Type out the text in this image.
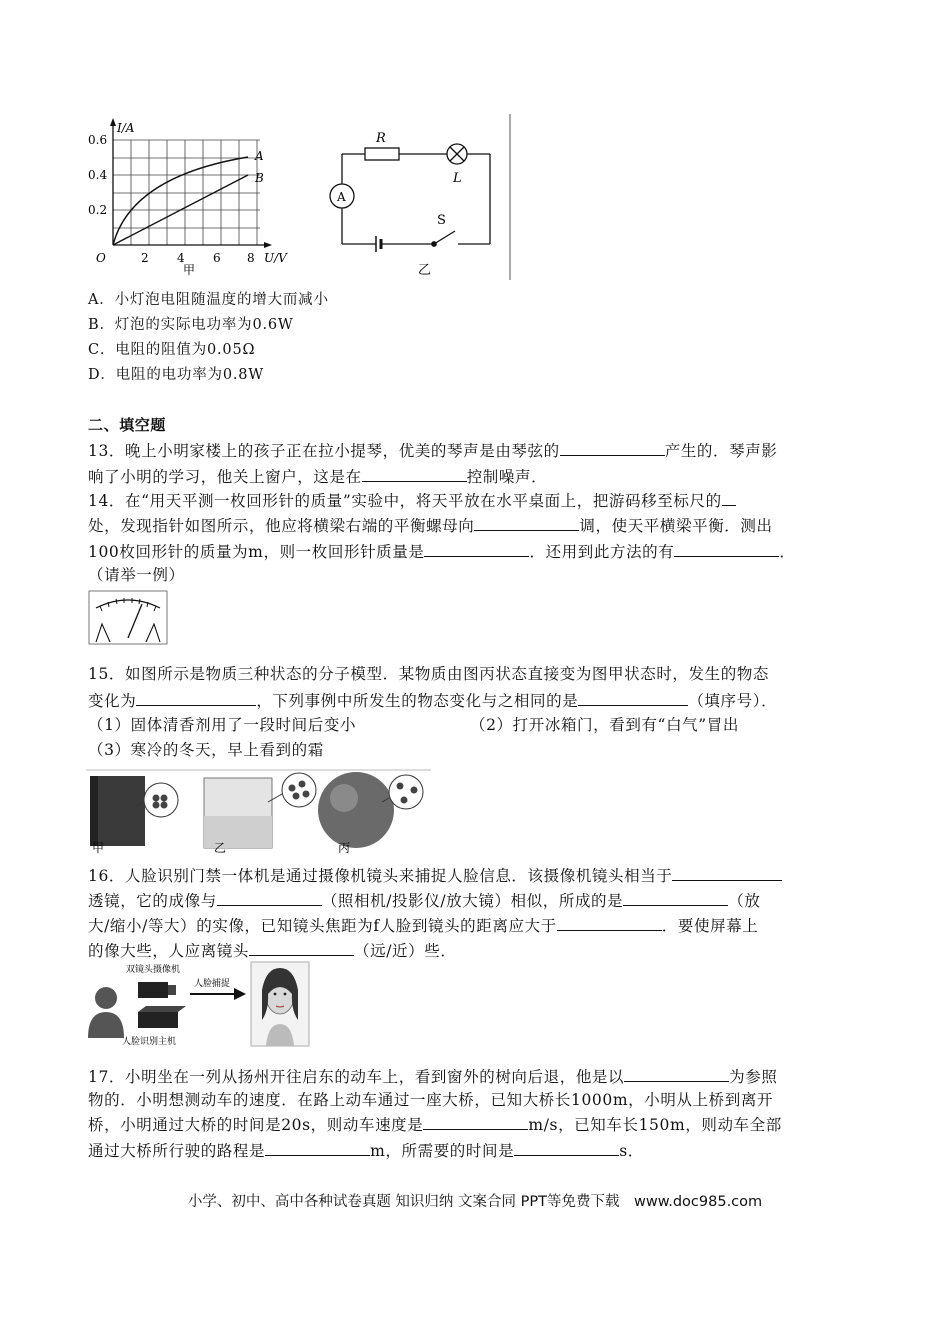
I/A
U/V
0.6
0.4
0.2
O	2 4 6 8
A
B
甲
R
L
A
S
乙
A．小灯泡电阻随温度的增大而减小
B．灯泡的实际电功率为0.6W
C．电阻的阻值为0.05Ω
D．电阻的电功率为0.8W
二、填空题
13．晚上小明家楼上的孩子正在拉小提琴，优美的琴声是由琴弦的	产生的．琴声影
响了小明的学习，他关上窗户，这是在	控制噪声．
14．在“用天平测一枚回形针的质量”实验中，将天平放在水平桌面上，把游码移至标尺的
处，发现指针如图所示，他应将横梁右端的平衡螺母向	调，使天平横梁平衡．测出
100枚回形针的质量为m，则一枚回形针质量是	．还用到此方法的有	．
（请举一例）
15．如图所示是物质三种状态的分子模型．某物质由图丙状态直接变为图甲状态时，发生的物态
变化为	，下列事例中所发生的物态变化与之相同的是	（填序号）．
（1）固体清香剂用了一段时间后变小	（2）打开冰箱门，看到有“白气”冒出
（3）寒冷的冬天，早上看到的霜
甲	乙	丙
16．人脸识别门禁一体机是通过摄像机镜头来捕捉人脸信息．该摄像机镜头相当于
透镜，它的成像与	（照相机/投影仪/放大镜）相似，所成的是	（放
大/缩小/等大）的实像，已知镜头焦距为f人脸到镜头的距离应大于	．要使屏幕上
的像大些，人应离镜头	（远/近）些．
双镜头摄像机
人脸捕捉
人脸识别主机
17．小明坐在一列从扬州开往启东的动车上，看到窗外的树向后退，他是以	为参照
物的．小明想测动车的速度．在路上动车通过一座大桥，已知大桥长1000m，小明从上桥到离开
桥，小明通过大桥的时间是20s，则动车速度是	m/s，已知车长150m，则动车全部
通过大桥所行驶的路程是	m，所需要的时间是	s．
小学、初中、高中各种试卷真题 知识归纳 文案合同 PPT等免费下载　www.doc985.com
